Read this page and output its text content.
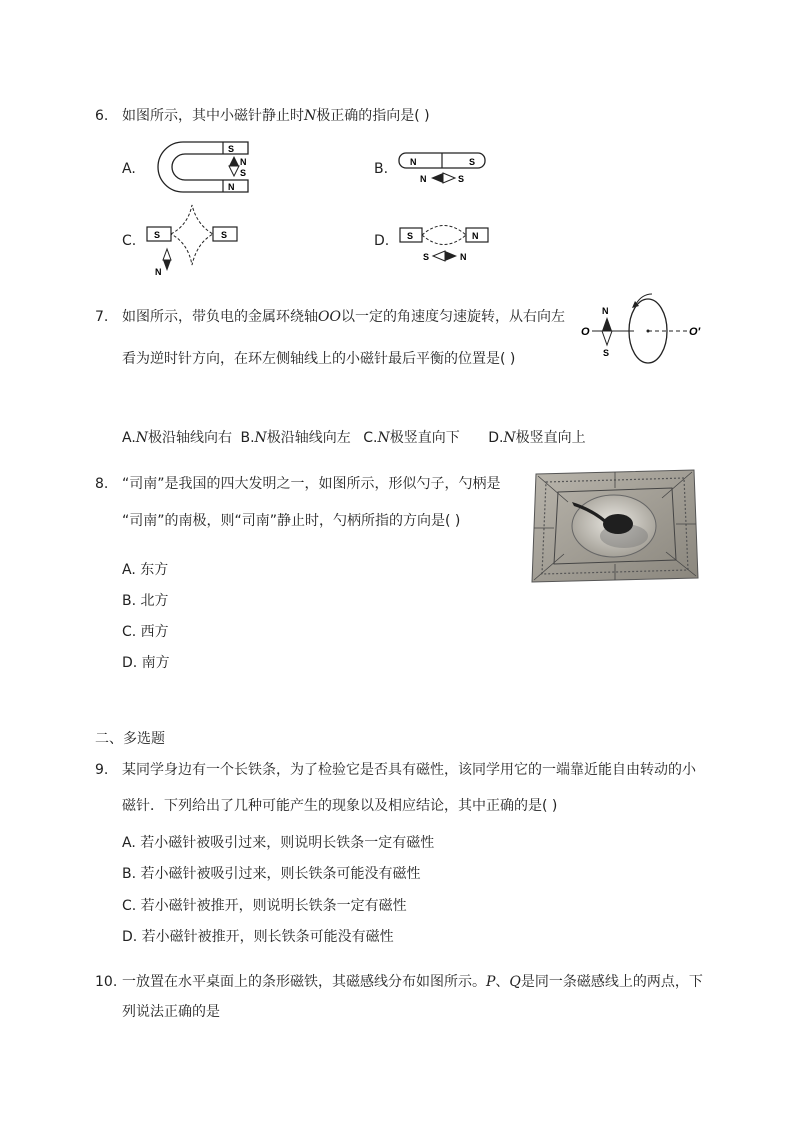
6. 如图所示，其中小磁针静止时N极正确的指向是( )
A.
S
N
N
S	B. N	S
N	S
C. S	S
N
D. S	N
S	N
7. 如图所示，带负电的金属环绕轴OO以一定的角速度匀速旋转，从右向左
看为逆时针方向，在环左侧轴线上的小磁针最后平衡的位置是( )
O
N
S
O′
A.N极沿轴线向右 B.N极沿轴线向左 C.N极竖直向下 D.N极竖直向上
8. “司南”是我国的四大发明之一，如图所示，形似勺子，勺柄是
“司南”的南极，则“司南”静止时，勺柄所指的方向是( )
A. 东方
B. 北方
C. 西方
D. 南方
二、多选题
9. 某同学身边有一个长铁条，为了检验它是否具有磁性，该同学用它的一端靠近能自由转动的小
磁针．下列给出了几种可能产生的现象以及相应结论，其中正确的是( )
A. 若小磁针被吸引过来，则说明长铁条一定有磁性
B. 若小磁针被吸引过来，则长铁条可能没有磁性
C. 若小磁针被推开，则说明长铁条一定有磁性
D. 若小磁针被推开，则长铁条可能没有磁性
10. 一放置在水平桌面上的条形磁铁，其磁感线分布如图所示。P、Q是同一条磁感线上的两点，下
列说法正确的是
